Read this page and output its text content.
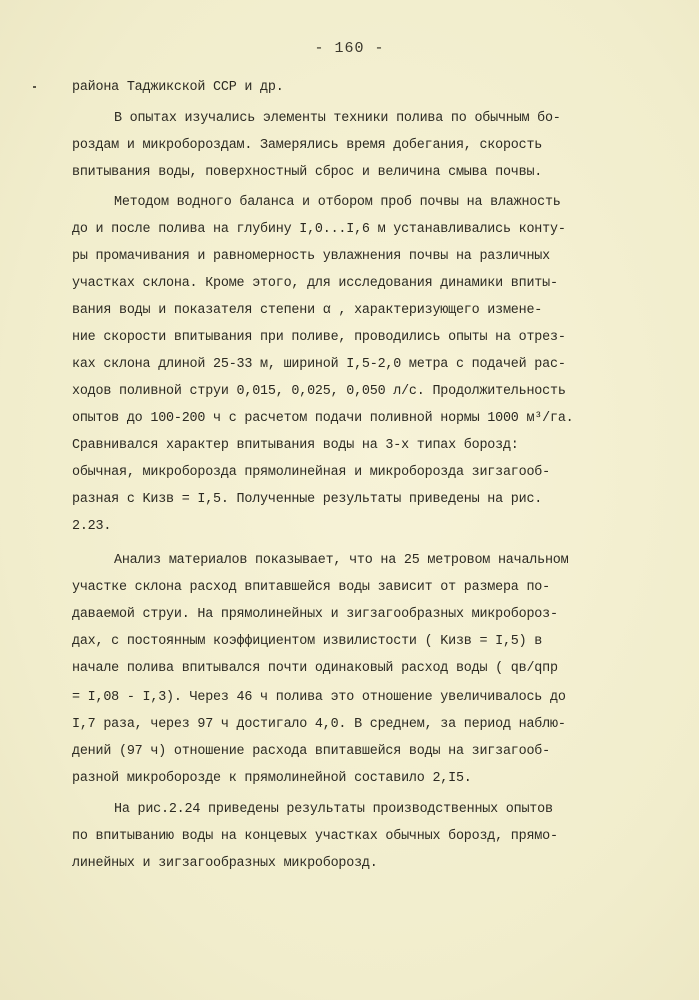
- 160 -
района Таджикской ССР и др.
В опытах изучались элементы техники полива по обычным бо-
роздам и микробороздам. Замерялись время добегания, скорость
впитывания воды, поверхностный сброс и величина смыва почвы.
Методом водного баланса и отбором проб почвы на влажность
до и после полива на глубину I,0...I,6 м устанавливались конту-
ры промачивания и равномерность увлажнения почвы на различных
участках склона. Кроме этого, для исследования динамики впиты-
вания воды и показателя степени α , характеризующего измене-
ние скорости впитывания при поливе, проводились опыты на отрез-
ках склона длиной 25-33 м, шириной I,5-2,0 метра с подачей рас-
ходов поливной струи 0,015, 0,025, 0,050 л/с. Продолжительность
опытов до 100-200 ч с расчетом подачи поливной нормы 1000 м³/га.
Сравнивался характер впитывания воды на 3-х типах борозд:
обычная, микроборозда прямолинейная и микроборозда зигзагооб-
разная с Kизв = I,5. Полученные результаты приведены на рис.
2.23.
Анализ материалов показывает, что на 25 метровом начальном
участке склона расход впитавшейся воды зависит от размера по-
даваемой струи. На прямолинейных и зигзагообразных микроборoз-
дах, с постоянным коэффициентом извилистости ( Kизв = I,5) в
начале полива впитывался почти одинаковый расход воды ( qв/qпр
= I,08 - I,3). Через 46 ч полива это отношение увеличивалось до
I,7 раза, через 97 ч достигало 4,0. В среднем, за период наблю-
дений (97 ч) отношение расхода впитавшейся воды на зигзагооб-
разной микроборозде к прямолинейной составило 2,I5.
На рис.2.24 приведены результаты производственных опытов
по впитыванию воды на концевых участках обычных борозд, прямо-
линейных и зигзагообразных микроборозд.
